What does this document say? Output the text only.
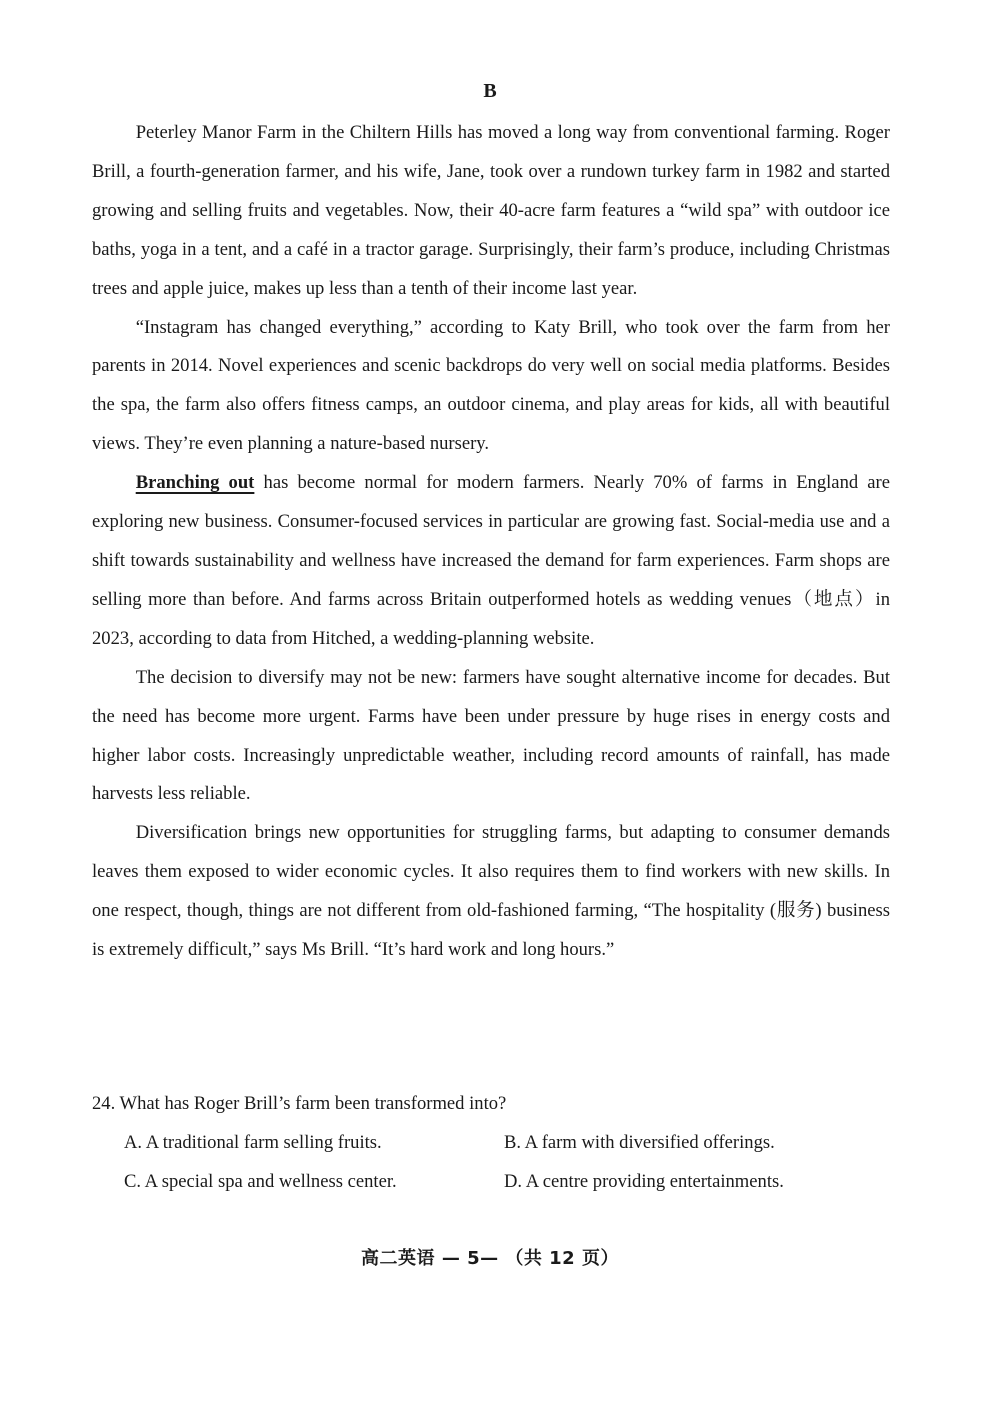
B

Peterley Manor Farm in the Chiltern Hills has moved a long way from conventional farming. Roger Brill, a fourth-generation farmer, and his wife, Jane, took over a rundown turkey farm in 1982 and started growing and selling fruits and vegetables. Now, their 40-acre farm features a “wild spa” with outdoor ice baths, yoga in a tent, and a café in a tractor garage. Surprisingly, their farm’s produce, including Christmas trees and apple juice, makes up less than a tenth of their income last year.

“Instagram has changed everything,” according to Katy Brill, who took over the farm from her parents in 2014. Novel experiences and scenic backdrops do very well on social media platforms. Besides the spa, the farm also offers fitness camps, an outdoor cinema, and play areas for kids, all with beautiful views. They’re even planning a nature-based nursery.

Branching out has become normal for modern farmers. Nearly 70% of farms in England are exploring new business. Consumer-focused services in particular are growing fast. Social-media use and a shift towards sustainability and wellness have increased the demand for farm experiences. Farm shops are selling more than before. And farms across Britain outperformed hotels as wedding venues（地点）in 2023, according to data from Hitched, a wedding-planning website.

The decision to diversify may not be new: farmers have sought alternative income for decades. But the need has become more urgent. Farms have been under pressure by huge rises in energy costs and higher labor costs. Increasingly unpredictable weather, including record amounts of rainfall, has made harvests less reliable.

Diversification brings new opportunities for struggling farms, but adapting to consumer demands leaves them exposed to wider economic cycles. It also requires them to find workers with new skills. In one respect, though, things are not different from old-fashioned farming, “The hospitality (服务) business is extremely difficult,” says Ms Brill. “It’s hard work and long hours.”

24. What has Roger Brill’s farm been transformed into?

A. A traditional farm selling fruits.	B. A farm with diversified offerings.
C. A special spa and wellness center.	D. A centre providing entertainments.
高二英语 — 5— （共 12 页）
